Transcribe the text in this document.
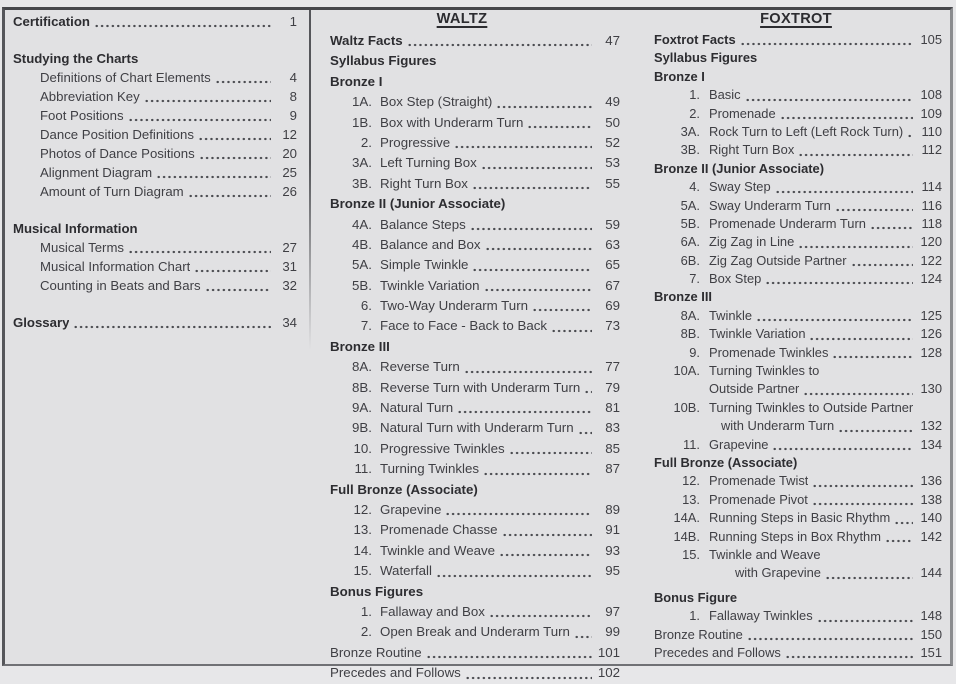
Certification	1
Studying the Charts
Definitions of Chart Elements	4
Abbreviation Key	8
Foot Positions	9
Dance Position Definitions	12
Photos of Dance Positions	20
Alignment Diagram	25
Amount of Turn Diagram	26
Musical Information
Musical Terms	27
Musical Information Chart	31
Counting in Beats and Bars	32
Glossary	34
WALTZ
Waltz Facts	47
Syllabus Figures
Bronze I
1A. Box Step (Straight)	49
1B. Box with Underarm Turn	50
2. Progressive	52
3A. Left Turning Box	53
3B. Right Turn Box	55
Bronze II (Junior Associate)
4A. Balance Steps	59
4B. Balance and Box	63
5A. Simple Twinkle	65
5B. Twinkle Variation	67
6. Two-Way Underarm Turn	69
7. Face to Face - Back to Back	73
Bronze III
8A. Reverse Turn	77
8B. Reverse Turn with Underarm Turn	79
9A. Natural Turn	81
9B. Natural Turn with Underarm Turn	83
10. Progressive Twinkles	85
11. Turning Twinkles	87
Full Bronze (Associate)
12. Grapevine	89
13. Promenade Chasse	91
14. Twinkle and Weave	93
15. Waterfall	95
Bonus Figures
1. Fallaway and Box	97
2. Open Break and Underarm Turn	99
Bronze Routine	101
Precedes and Follows	102
FOXTROT
Foxtrot Facts	105
Syllabus Figures
Bronze I
1. Basic	108
2. Promenade	109
3A. Rock Turn to Left (Left Rock Turn)	110
3B. Right Turn Box	112
Bronze II (Junior Associate)
4. Sway Step	114
5A. Sway Underarm Turn	116
5B. Promenade Underarm Turn	118
6A. Zig Zag in Line	120
6B. Zig Zag Outside Partner	122
7. Box Step	124
Bronze III
8A. Twinkle	125
8B. Twinkle Variation	126
9. Promenade Twinkles	128
10A. Turning Twinkles to
Outside Partner	130
10B. Turning Twinkles to Outside Partner
with Underarm Turn	132
11. Grapevine	134
Full Bronze (Associate)
12. Promenade Twist	136
13. Promenade Pivot	138
14A. Running Steps in Basic Rhythm 140
14B. Running Steps in Box Rhythm	142
15. Twinkle and Weave
with Grapevine	144
Bonus Figure
1. Fallaway Twinkles	148
Bronze Routine	150
Precedes and Follows	151
